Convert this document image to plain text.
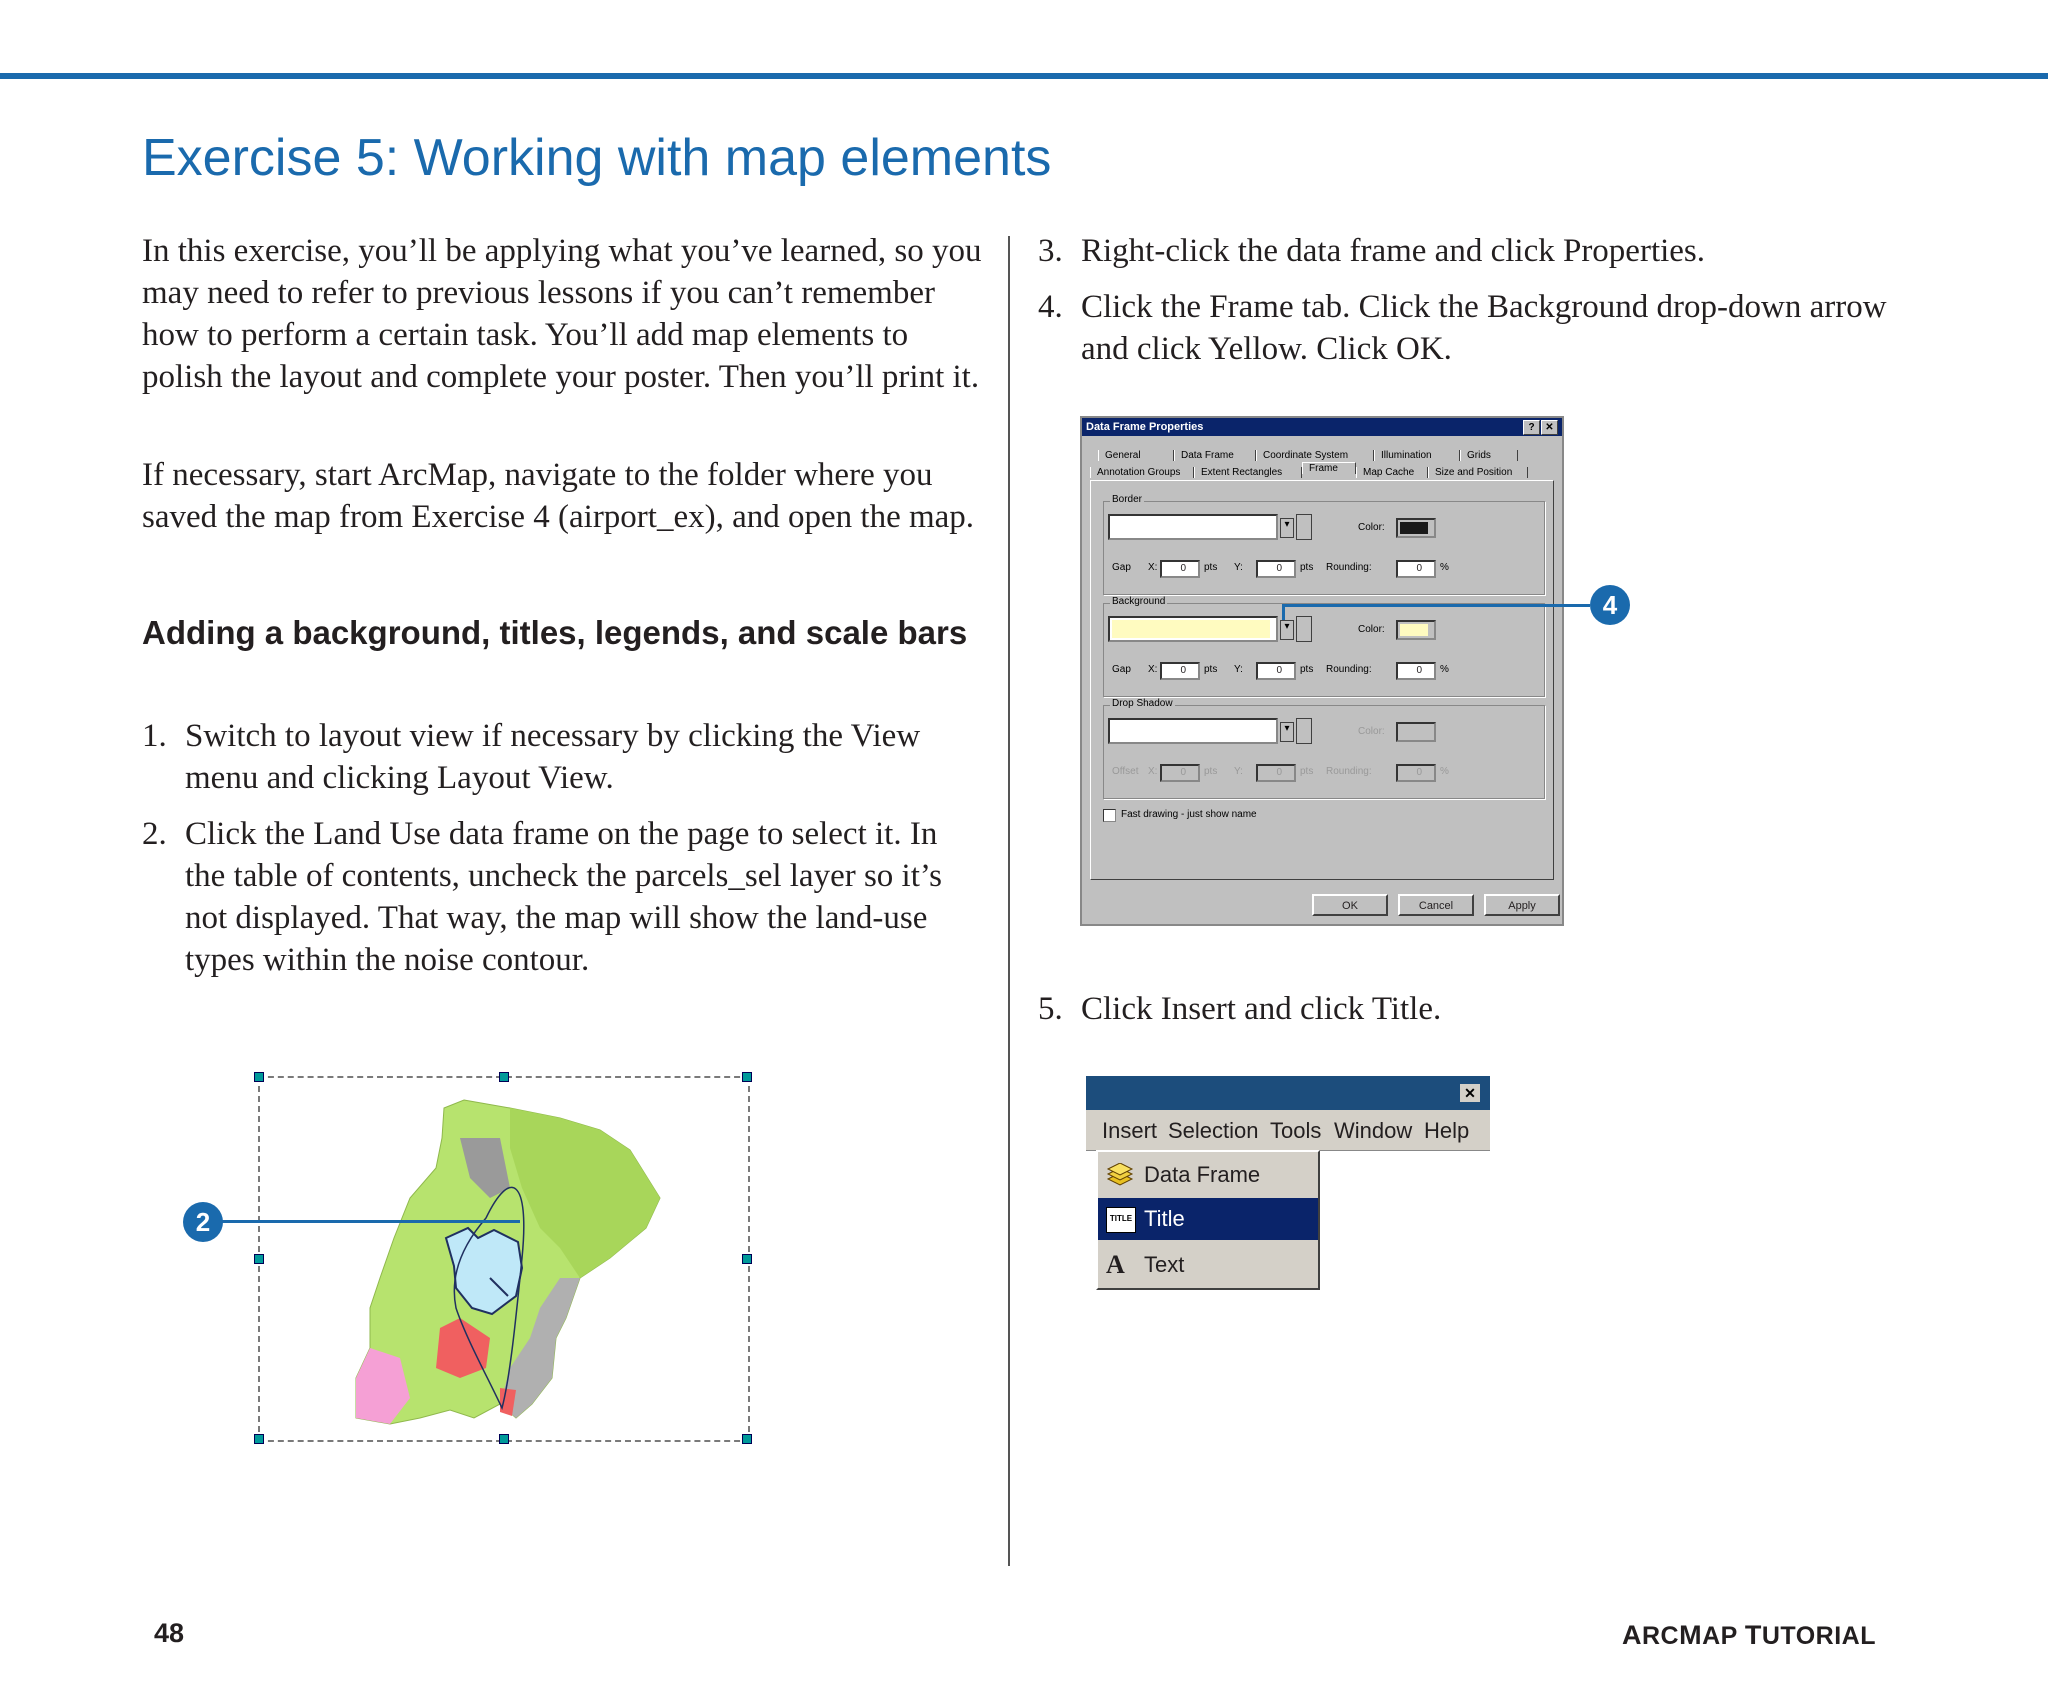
Exercise 5: Working with map elements

In this exercise, you’ll be applying what you’ve learned, so you may need to refer to previous lessons if you can’t remember how to perform a certain task. You’ll add map elements to polish the layout and complete your poster. Then you’ll print it.

If necessary, start ArcMap, navigate to the folder where you saved the map from Exercise 4 (airport_ex), and open the map.

Adding a background, titles, legends, and scale bars
1. Switch to layout view if necessary by clicking the View menu and clicking Layout View.
2. Click the Land Use data frame on the page to select it. In the table of contents, uncheck the parcels_sel layer so it’s not displayed. That way, the map will show the land-use types within the noise contour.
2
3. Right-click the data frame and click Properties.
4. Click the Frame tab. Click the Background drop-down arrow and click Yellow. Click OK.
Data Frame Properties	?	✕
General	Data Frame	Coordinate System	Illumination	Grids
Annotation Groups Extent Rectangles	Frame	Map Cache Size and Position
Border
▾	Color:
Gap X:	0	pts Y:	0	pts Rounding:	0	%
Background
▾	Color:
Gap X:	0	pts Y:	0	pts Rounding:	0	%
Drop Shadow
▾	Color:
Offset X:	0	pts Y:	0	pts Rounding:	0	%
Fast drawing - just show name
OK	Cancel	Apply
4
5. Click Insert and click Title.
✕
Insert Selection Tools Window Help
Data Frame
TITLE Title
A Text
48	ARCMAP TUTORIAL
